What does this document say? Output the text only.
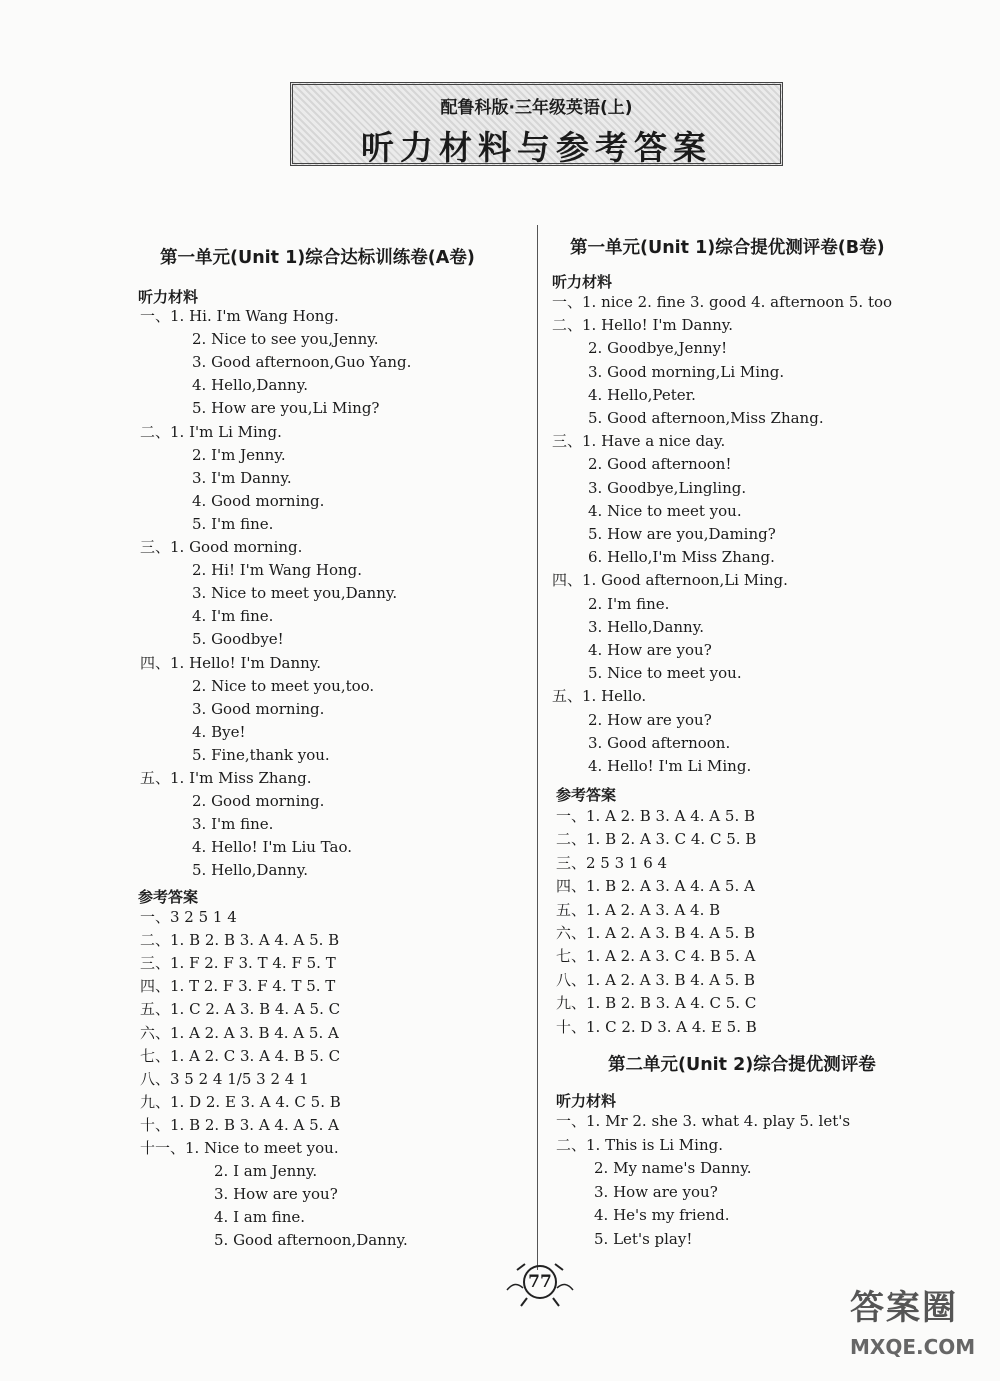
配鲁科版·三年级英语(上)
听力材料与参考答案
第一单元(Unit 1)综合达标训练卷(A卷)
听力材料
一、1. Hi. I'm Wang Hong.
2. Nice to see you,Jenny.
3. Good afternoon,Guo Yang.
4. Hello,Danny.
5. How are you,Li Ming?
二、1. I'm Li Ming.
2. I'm Jenny.
3. I'm Danny.
4. Good morning.
5. I'm fine.
三、1. Good morning.
2. Hi! I'm Wang Hong.
3. Nice to meet you,Danny.
4. I'm fine.
5. Goodbye!
四、1. Hello! I'm Danny.
2. Nice to meet you,too.
3. Good morning.
4. Bye!
5. Fine,thank you.
五、1. I'm Miss Zhang.
2. Good morning.
3. I'm fine.
4. Hello! I'm Liu Tao.
5. Hello,Danny.
参考答案
一、3 2 5 1 4
二、1. B 2. B 3. A 4. A 5. B
三、1. F 2. F 3. T 4. F 5. T
四、1. T 2. F 3. F 4. T 5. T
五、1. C 2. A 3. B 4. A 5. C
六、1. A 2. A 3. B 4. A 5. A
七、1. A 2. C 3. A 4. B 5. C
八、3 5 2 4 1/5 3 2 4 1
九、1. D 2. E 3. A 4. C 5. B
十、1. B 2. B 3. A 4. A 5. A
十一、1. Nice to meet you.
2. I am Jenny.
3. How are you?
4. I am fine.
5. Good afternoon,Danny.
第一单元(Unit 1)综合提优测评卷(B卷)
听力材料
一、1. nice 2. fine 3. good 4. afternoon 5. too
二、1. Hello! I'm Danny.
2. Goodbye,Jenny!
3. Good morning,Li Ming.
4. Hello,Peter.
5. Good afternoon,Miss Zhang.
三、1. Have a nice day.
2. Good afternoon!
3. Goodbye,Lingling.
4. Nice to meet you.
5. How are you,Daming?
6. Hello,I'm Miss Zhang.
四、1. Good afternoon,Li Ming.
2. I'm fine.
3. Hello,Danny.
4. How are you?
5. Nice to meet you.
五、1. Hello.
2. How are you?
3. Good afternoon.
4. Hello! I'm Li Ming.
参考答案
一、1. A 2. B 3. A 4. A 5. B
二、1. B 2. A 3. C 4. C 5. B
三、2 5 3 1 6 4
四、1. B 2. A 3. A 4. A 5. A
五、1. A 2. A 3. A 4. B
六、1. A 2. A 3. B 4. A 5. B
七、1. A 2. A 3. C 4. B 5. A
八、1. A 2. A 3. B 4. A 5. B
九、1. B 2. B 3. A 4. C 5. C
十、1. C 2. D 3. A 4. E 5. B
第二单元(Unit 2)综合提优测评卷
听力材料
一、1. Mr 2. she 3. what 4. play 5. let's
二、1. This is Li Ming.
2. My name's Danny.
3. How are you?
4. He's my friend.
5. Let's play!
77
答案圈
MXQE.COM
